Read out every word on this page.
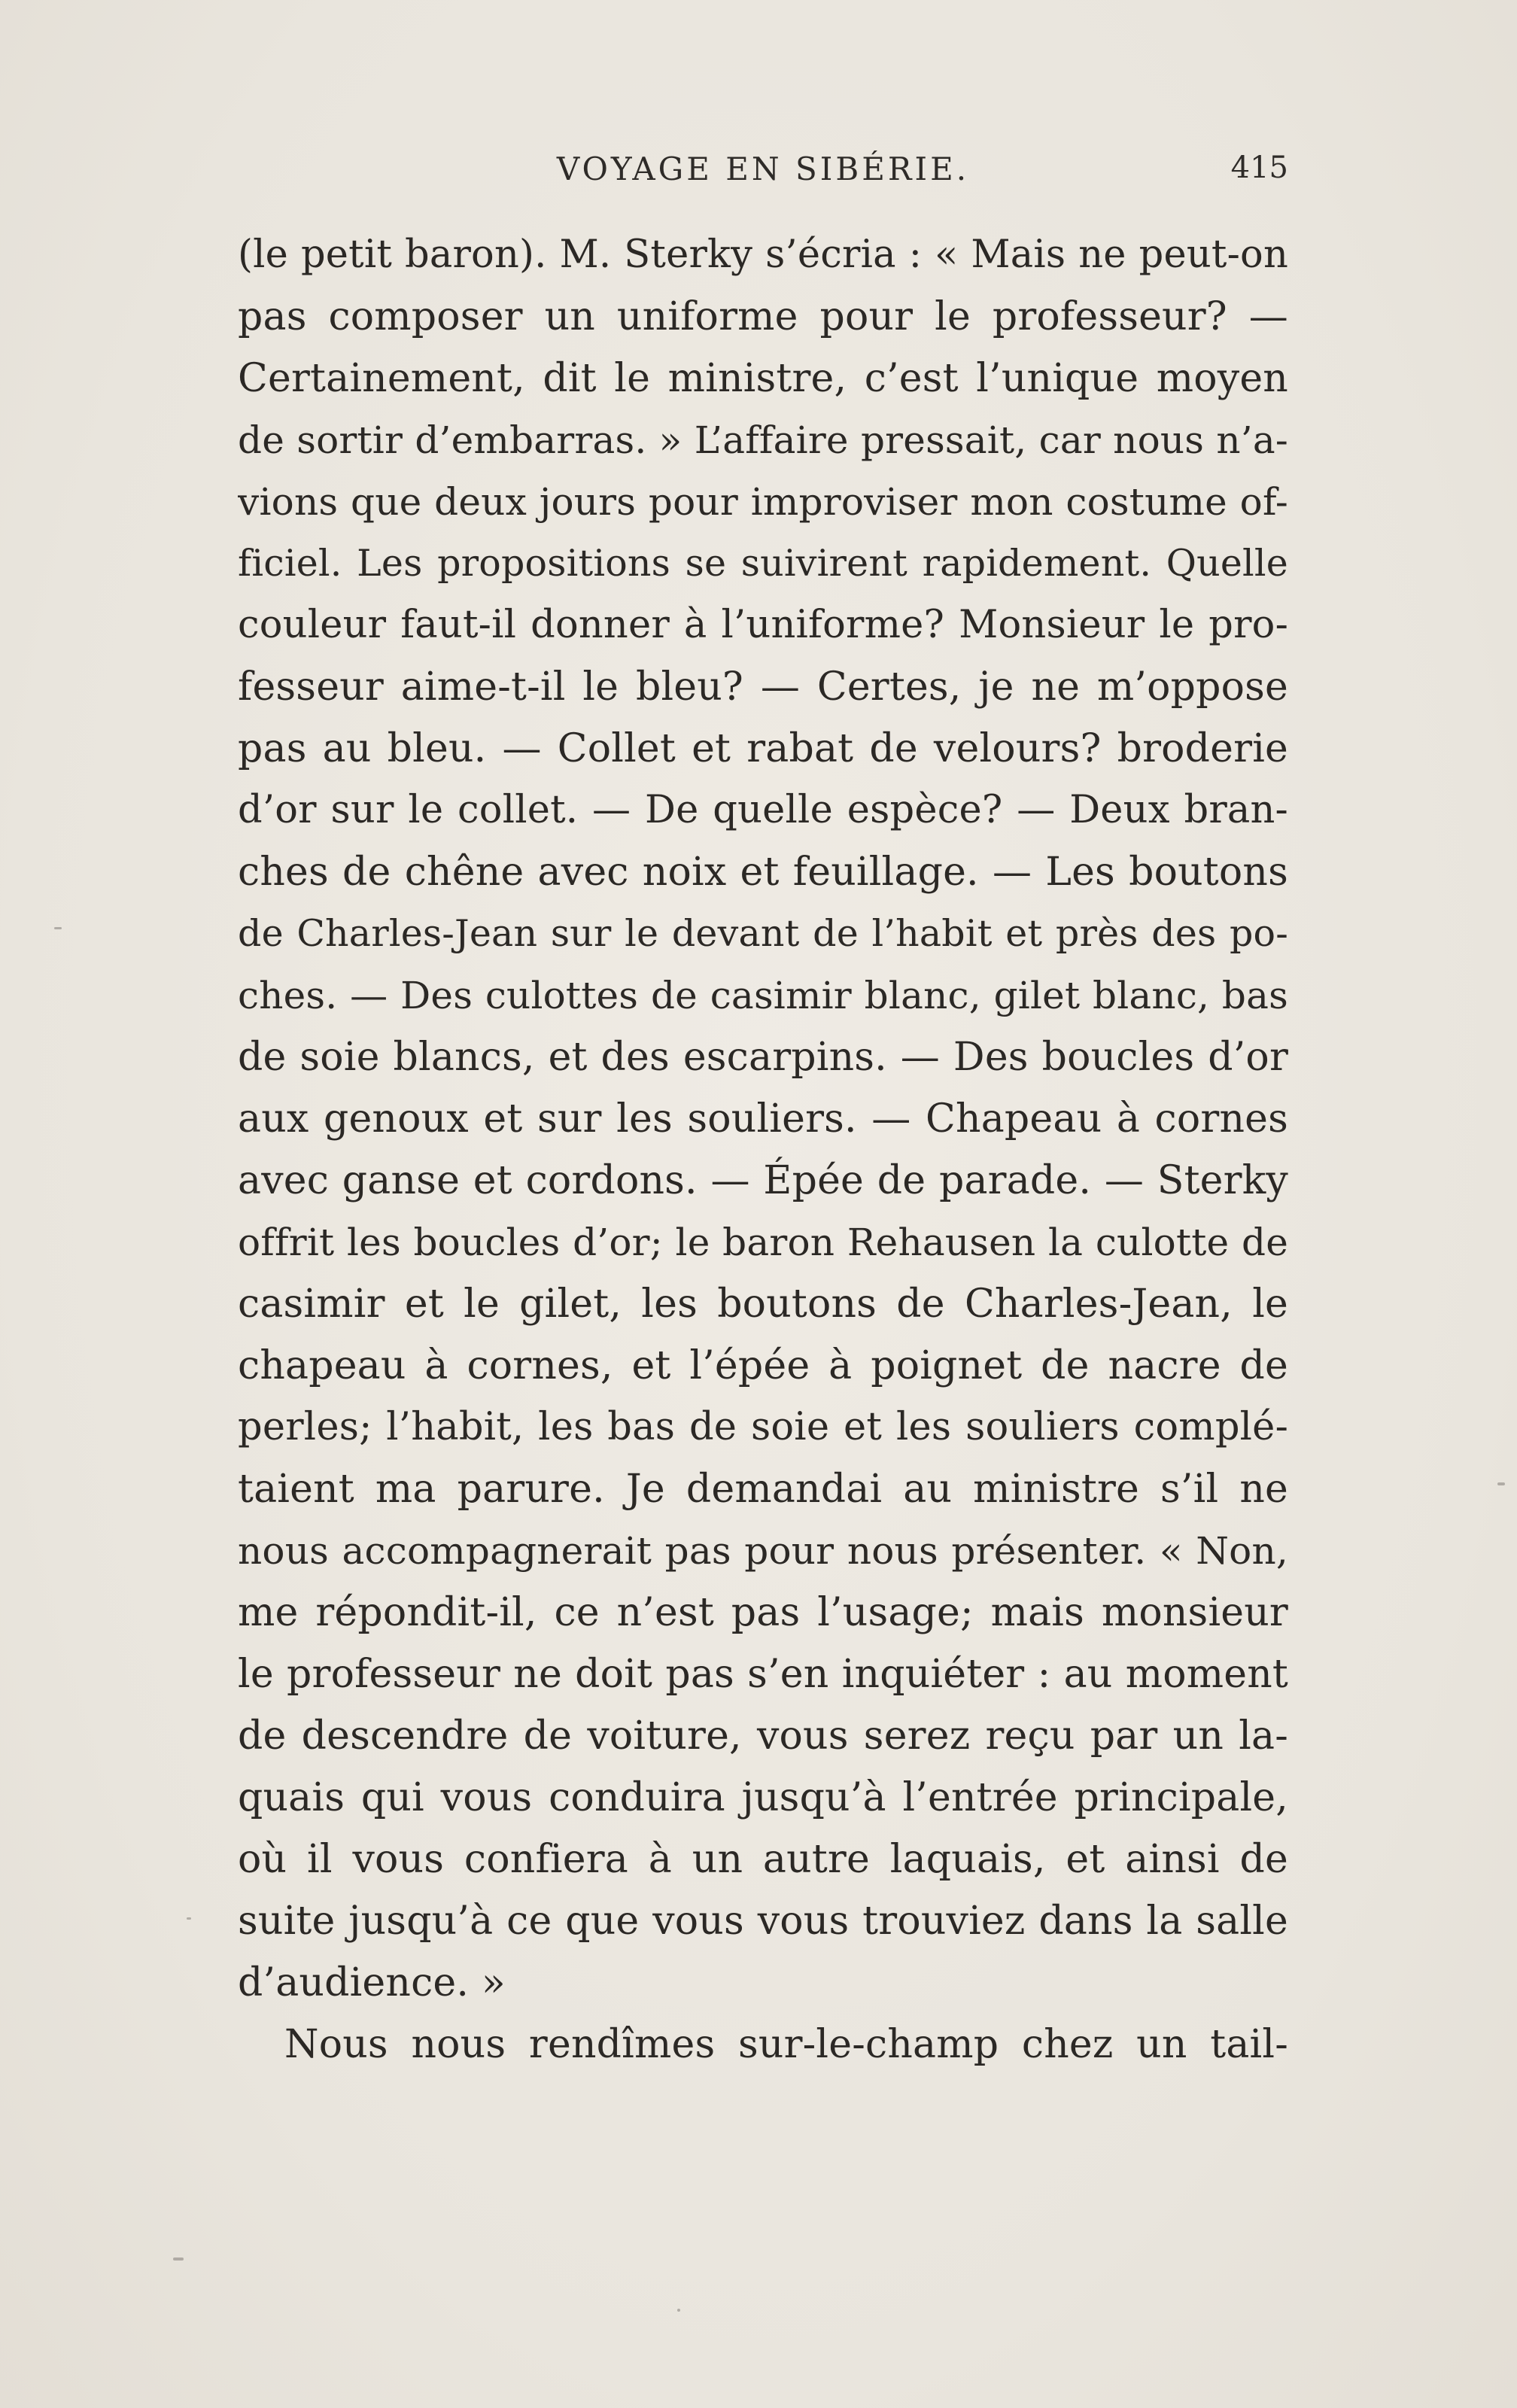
VOYAGE EN SIBÉRIE.	415
(le petit baron). M. Sterky s’écria : « Mais ne peut-on
pas composer un uniforme pour le professeur? —
Certainement, dit le ministre, c’est l’unique moyen
de sortir d’embarras. » L’affaire pressait, car nous n’a-
vions que deux jours pour improviser mon costume of-
ficiel. Les propositions se suivirent rapidement. Quelle
couleur faut-il donner à l’uniforme? Monsieur le pro-
fesseur aime-t-il le bleu? — Certes, je ne m’oppose
pas au bleu. — Collet et rabat de velours? broderie
d’or sur le collet. — De quelle espèce? — Deux bran-
ches de chêne avec noix et feuillage. — Les boutons
de Charles-Jean sur le devant de l’habit et près des po-
ches. — Des culottes de casimir blanc, gilet blanc, bas
de soie blancs, et des escarpins. — Des boucles d’or
aux genoux et sur les souliers. — Chapeau à cornes
avec ganse et cordons. — Épée de parade. — Sterky
offrit les boucles d’or; le baron Rehausen la culotte de
casimir et le gilet, les boutons de Charles-Jean, le
chapeau à cornes, et l’épée à poignet de nacre de
perles; l’habit, les bas de soie et les souliers complé-
taient ma parure. Je demandai au ministre s’il ne
nous accompagnerait pas pour nous présenter. « Non,
me répondit-il, ce n’est pas l’usage; mais monsieur
le professeur ne doit pas s’en inquiéter : au moment
de descendre de voiture, vous serez reçu par un la-
quais qui vous conduira jusqu’à l’entrée principale,
où il vous confiera à un autre laquais, et ainsi de
suite jusqu’à ce que vous vous trouviez dans la salle
d’audience. »
Nous nous rendîmes sur-le-champ chez un tail-
